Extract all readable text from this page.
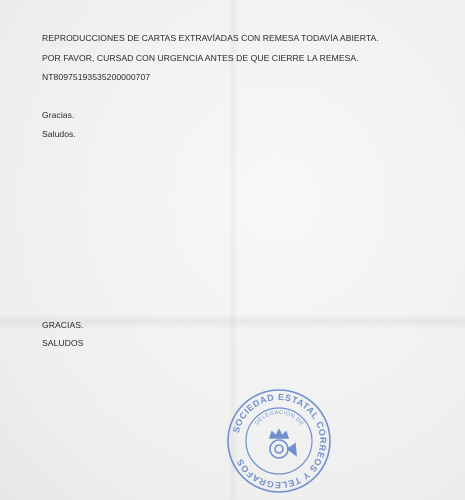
REPRODUCCIONES DE CARTAS EXTRAVÍADAS CON REMESA TODAVÍA ABIERTA.
POR FAVOR, CURSAD CON URGENCIA ANTES DE QUE CIERRE LA REMESA.
NT80975193535200000707
Gracias.
Saludos.
GRACIAS.
SALUDOS
SOCIEDAD ESTATAL CORREOS Y TELEGRAFOS
DELEGACION DE
